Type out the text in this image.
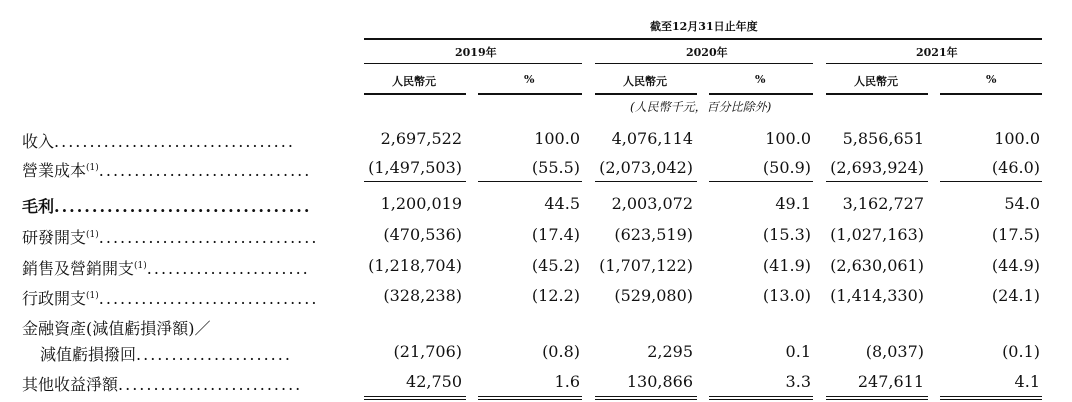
截至12月31日止年度
2019年	2020年	2021年
人民幣元	%	人民幣元	%	人民幣元	%
(人民幣千元，百分比除外)
收入..................................	2,697,522	100.0 4,076,114	100.0 5,856,651	100.0
營業成本$^{(1)}$..............................	(1,497,503)	(55.5) (2,073,042)	(50.9) (2,693,924)	(46.0)
毛利..................................	1,200,019	44.5 2,003,072	49.1 3,162,727	54.0
研發開支$^{(1)}$...............................	(470,536)	(17.4) (623,519)	(15.3) (1,027,163)	(17.5)
銷售及營銷開支$^{(1)}$.......................	(1,218,704)	(45.2) (1,707,122)	(41.9) (2,630,061)	(44.9)
行政開支$^{(1)}$...............................	(328,238)	(12.2) (529,080)	(13.0) (1,414,330)	(24.1)
金融資產(減值虧損淨額)／
減值虧損撥回......................	(21,706)	(0.8)	2,295	0.1	(8,037)	(0.1)
其他收益淨額..........................	42,750	1.6	130,866	3.3	247,611	4.1
